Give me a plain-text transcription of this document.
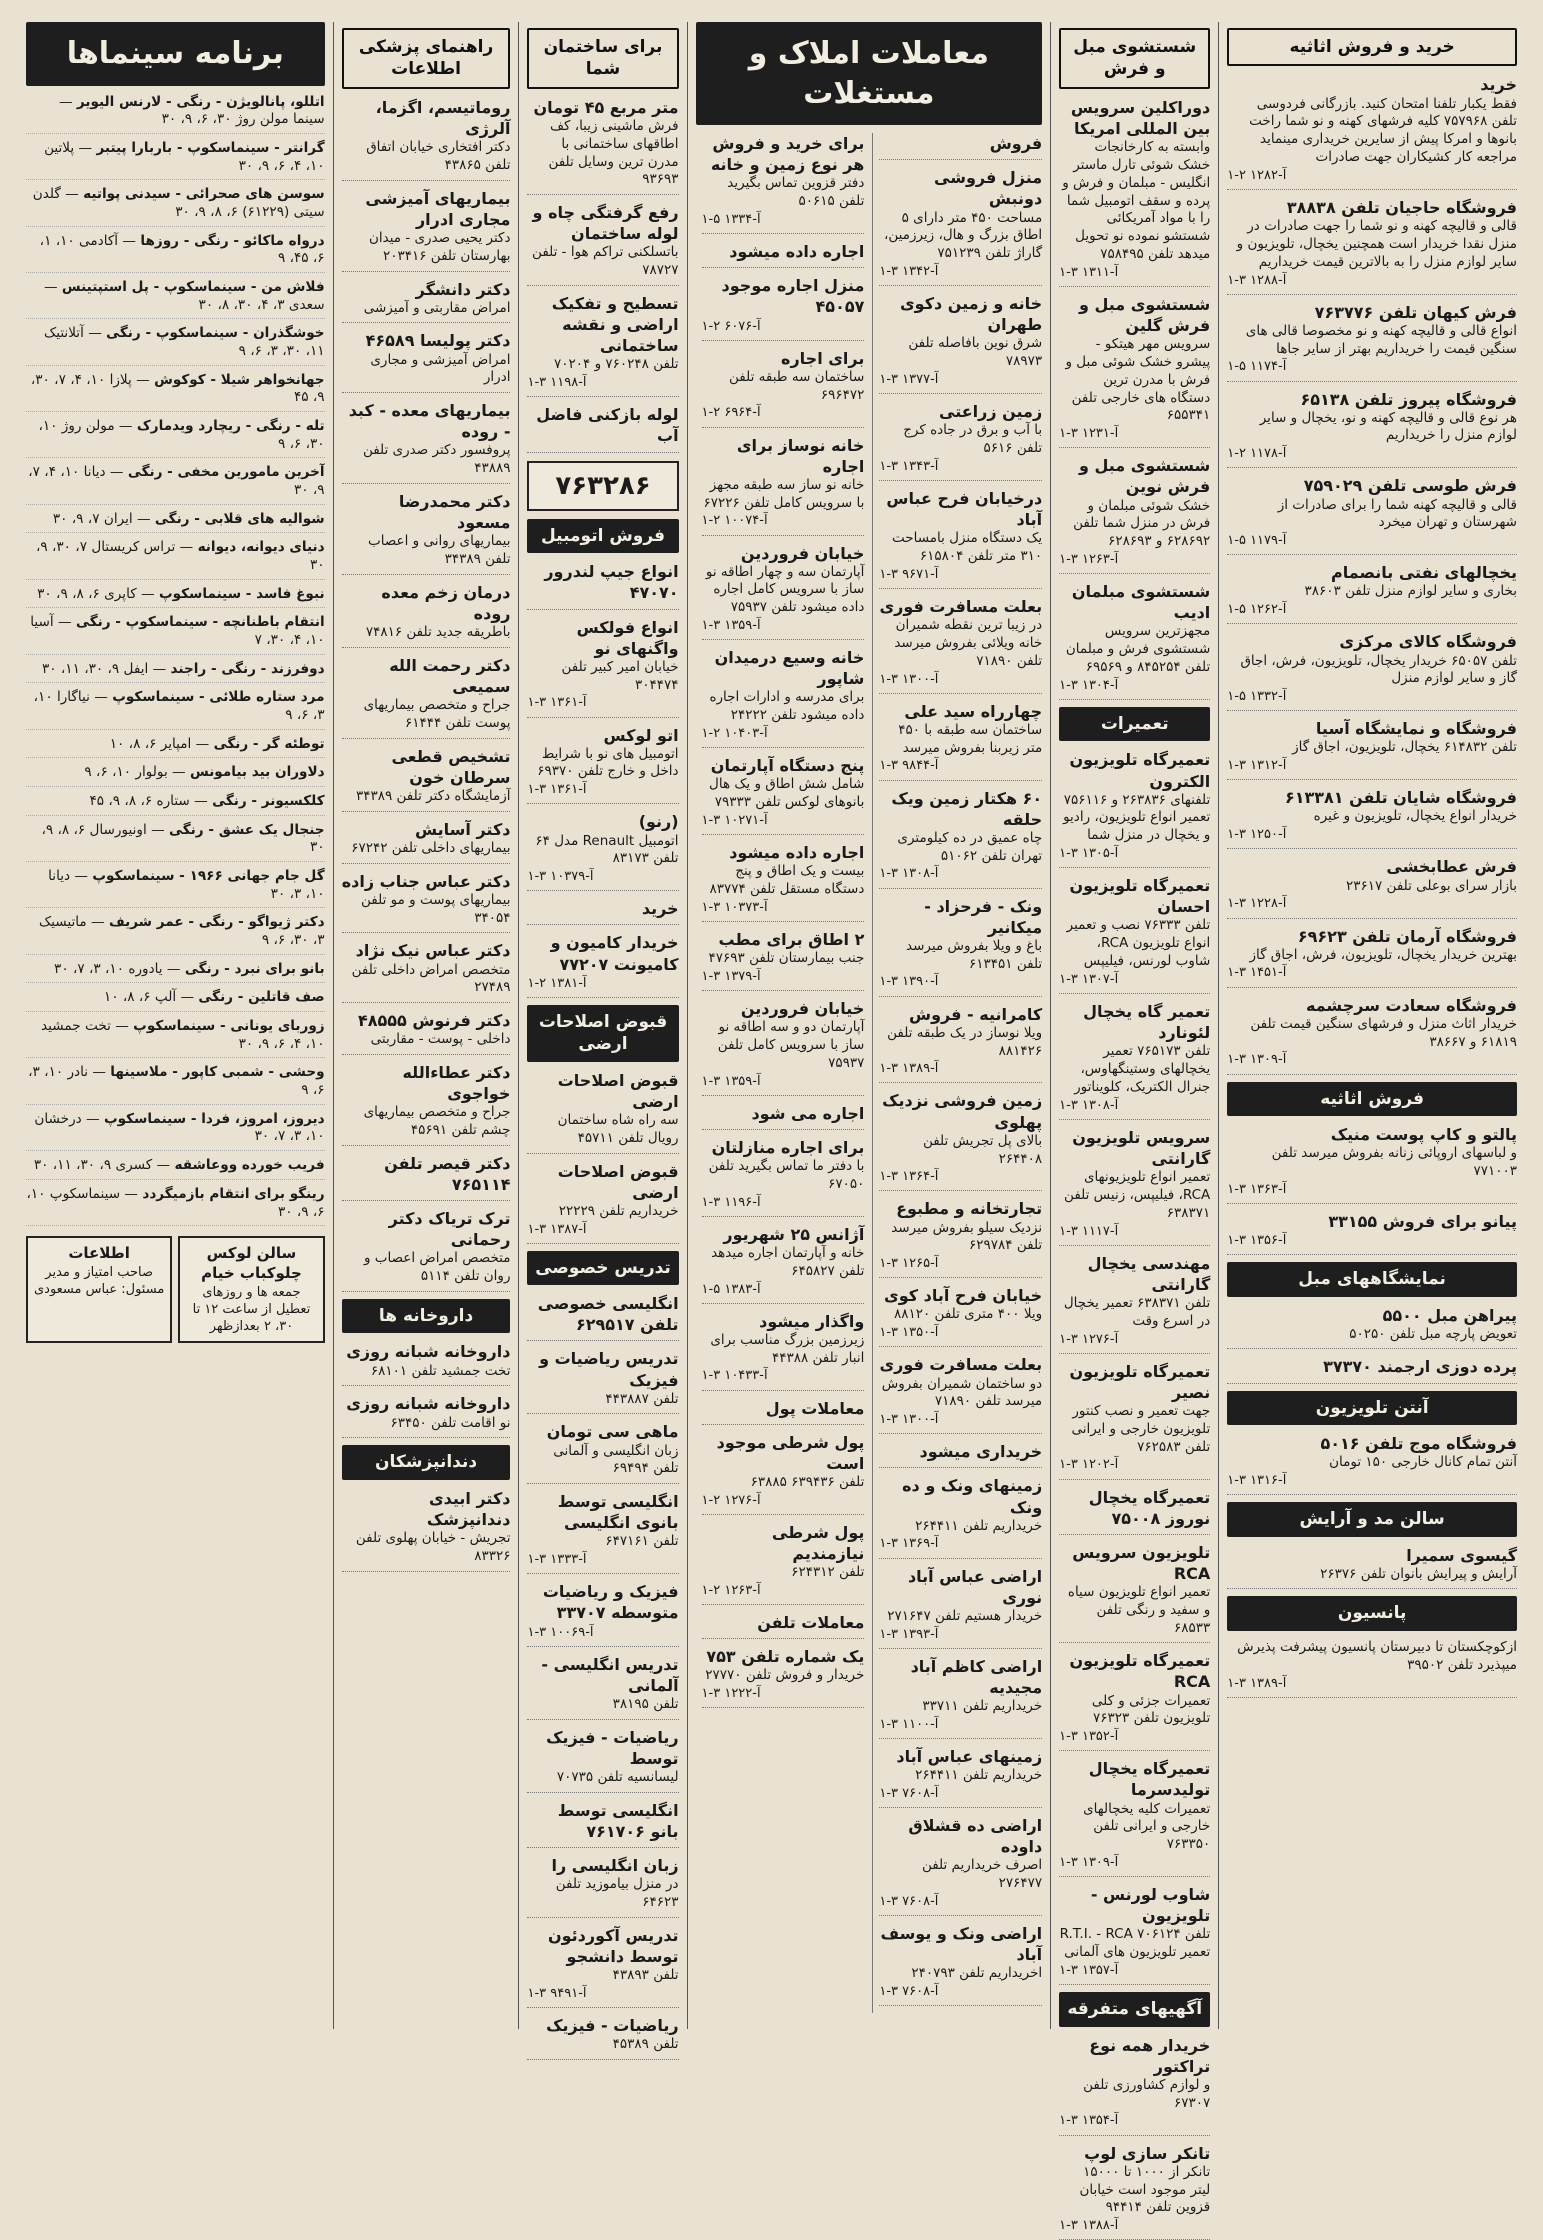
خرید و فروش اثاثیه
خرید
فقط یکبار تلفنا امتحان کنید. بازرگانی فردوسی تلفن ۷۵۷۹۶۸ کلیه فرشهای کهنه و نو شما راخت بانوها و امرکا پیش از سایرین خریداری مینماید مراجعه کار کشیکاران جهت صادرات
۱-۲ آ-۱۲۸۲
فروشگاه حاجیان تلفن ۳۸۸۳۸
قالی و قالیچه کهنه و نو شما را جهت صادرات در منزل نقدا خریدار است همچنین یخچال، تلویزیون و سایر لوازم منزل را به بالاترین قیمت خریداریم
۱-۳ آ-۱۲۸۸
فرش کیهان تلفن ۷۶۳۷۷۶
انواع قالی و قالیچه کهنه و نو مخصوصا قالی های سنگین قیمت را خریداریم بهتر از سایر جاها
۱-۵ آ-۱۱۷۴
فروشگاه پیروز تلفن ۶۵۱۳۸
هر نوع قالی و قالیچه کهنه و نو، یخچال و سایر لوازم منزل را خریداریم
۱-۲ آ-۱۱۷۸
فرش طوسی تلفن ۷۵۹۰۲۹
قالی و قالیچه کهنه شما را برای صادرات از شهرستان و تهران میخرد
۱-۵ آ-۱۱۷۹
یخچالهای نفتی بانصمام
بخاری و سایر لوازم منزل تلفن ۳۸۶۰۳
۱-۵ آ-۱۲۶۲
فروشگاه کالای مرکزی
تلفن ۶۵۰۵۷ خریدار یخچال، تلویزیون، فرش، اجاق گاز و سایر لوازم منزل
۱-۵ آ-۱۳۳۲
فروشگاه و نمایشگاه آسیا
تلفن ۶۱۴۸۳۲ یخچال، تلویزیون، اجاق گاز
۱-۳ آ-۱۳۱۲
فروشگاه شایان تلفن ۶۱۳۳۸۱
خریدار انواع یخچال، تلویزیون و غیره
۱-۳ آ-۱۲۵۰
فرش عطابخشی
بازار سرای بوعلی تلفن ۲۳۶۱۷
۱-۳ آ-۱۲۲۸
فروشگاه آرمان تلفن ۶۹۶۲۳
بهترین خریدار یخچال، تلویزیون، فرش، اجاق گاز
۱-۳ آ-۱۴۵۱
فروشگاه سعادت سرچشمه
خریدار اثاث منزل و فرشهای سنگین قیمت تلفن ۶۱۸۱۹ و ۳۸۶۶۷
۱-۳ آ-۱۳۰۹
فروش اثاثیه
پالتو و کاپ پوست منیک
و لباسهای اروپائی زنانه بفروش میرسد تلفن ۷۷۱۰۰۳
۱-۳ آ-۱۳۶۳
پیانو برای فروش ۳۳۱۵۵
۱-۳ آ-۱۳۵۶
نمایشگاههای مبل
پیراهن مبل ۵۵۰۰
تعویض پارچه مبل تلفن ۵۰۲۵۰
پرده دوزی ارجمند ۳۷۳۷۰
آنتن تلویزیون
فروشگاه موج تلفن ۵۰۱۶
آنتن تمام کانال خارجی ۱۵۰ تومان
۱-۳ آ-۱۳۱۶
سالن مد و آرایش
گیسوی سمیرا
آرایش و پیرایش بانوان تلفن ۲۶۳۷۶
پانسیون
ازکوچکستان تا دبیرستان پانسیون پیشرفت پذیرش میپذیرد تلفن ۳۹۵۰۲
۱-۳ آ-۱۳۸۹
شستشوی مبل و فرش
دوراکلین سرویس بین المللی امریکا
وابسته به کارخانجات خشک شوئی تارل ماستر انگلیس - مبلمان و فرش و پرده و سقف اتومبیل شما را با مواد آمریکائی شستشو نموده نو تحویل میدهد تلفن ۷۵۸۴۹۵
۱-۳ آ-۱۳۱۱
شستشوی مبل و فرش گلین
سرویس مهر هیتکو - پیشرو خشک شوئی مبل و فرش با مدرن ترین دستگاه های خارجی تلفن ۶۵۵۳۴۱
۱-۳ آ-۱۲۳۱
شستشوی مبل و فرش نوین
خشک شوئی مبلمان و فرش در منزل شما تلفن ۶۲۸۶۹۲ و ۶۲۸۶۹۳
۱-۳ آ-۱۲۶۳
شستشوی مبلمان ادیب
مجهزترین سرویس شستشوی فرش و مبلمان تلفن ۸۴۵۲۵۴ و ۶۹۵۶۹
۱-۳ آ-۱۳۰۴
تعمیرات
تعمیرگاه تلویزیون الکترون
تلفنهای ۲۶۳۸۳۶ و ۷۵۶۱۱۶ تعمیر انواع تلویزیون، رادیو و یخچال در منزل شما
۱-۳ آ-۱۳۰۵
تعمیرگاه تلویزیون احسان
تلفن ۷۶۳۳۳ نصب و تعمیر انواع تلویزیون RCA، شاوب لورنس، فیلیپس
۱-۳ آ-۱۳۰۷
تعمیر گاه یخچال لئونارد
تلفن ۷۶۵۱۷۳ تعمیر یخچالهای وستینگهاوس، جنرال الکتریک، کلویناتور
۱-۳ آ-۱۳۰۸
سرویس تلویزیون گارانتی
تعمیر انواع تلویزیونهای RCA، فیلیپس، زنیس تلفن ۶۳۸۳۷۱
۱-۳ آ-۱۱۱۷
مهندسی یخچال گارانتی
تلفن ۶۳۸۳۷۱ تعمیر یخچال در اسرع وقت
۱-۳ آ-۱۲۷۶
تعمیرگاه تلویزیون نصیر
جهت تعمیر و نصب کنتور تلویزیون خارجی و ایرانی تلفن ۷۶۲۵۸۳
۱-۳ آ-۱۲۰۲
تعمیرگاه یخچال نوروز ۷۵۰۰۸
تلویزیون سرویس RCA
تعمیر انواع تلویزیون سیاه و سفید و رنگی تلفن ۶۸۵۳۳
تعمیرگاه تلویزیون RCA
تعمیرات جزئی و کلی تلویزیون تلفن ۷۶۳۲۳
۱-۳ آ-۱۳۵۲
تعمیرگاه یخچال تولیدسرما
تعمیرات کلیه یخچالهای خارجی و ایرانی تلفن ۷۶۳۳۵۰
۱-۳ آ-۱۳۰۹
شاوب لورنس - تلویزیون
تلفن ۷۰۶۱۲۴ R.T.I. - RCA تعمیر تلویزیون های آلمانی
۱-۳ آ-۱۳۵۷
آگهیهای متفرقه
خریدار همه نوع تراکتور
و لوازم کشاورزی تلفن ۶۷۳۰۷
۱-۳ آ-۱۳۵۴
تانکر سازی لوپ
تانکر از ۱۰۰۰ تا ۱۵۰۰۰ لیتر موجود است خیابان قزوین تلفن ۹۴۴۱۴
۱-۳ آ-۱۳۸۸
معاملات املاک و مستغلات
فروش
منزل فروشی دونبش
مساحت ۴۵۰ متر دارای ۵ اطاق بزرگ و هال، زیرزمین، گاراژ تلفن ۷۵۱۲۳۹
۱-۳ آ-۱۳۴۲
خانه و زمین دکوی طهران
شرق نوین بافاصله تلفن ۷۸۹۷۳
۱-۳ آ-۱۳۷۷
زمین زراعتی
با آب و برق در جاده کرج تلفن ۵۶۱۶
۱-۳ آ-۱۳۴۳
درخیابان فرح عباس آباد
یک دستگاه منزل بامساحت ۳۱۰ متر تلفن ۶۱۵۸۰۴
۱-۳ آ-۹۶۷۱
بعلت مسافرت فوری
در زیبا ترین نقطه شمیران خانه ویلائی بفروش میرسد تلفن ۷۱۸۹۰
۱-۳ آ-۱۳۰۰
چهارراه سید علی
ساختمان سه طبقه با ۴۵۰ متر زیربنا بفروش میرسد
۱-۳ آ-۹۸۴۴
۶۰ هکتار زمین ویک حلقه
چاه عمیق در ده کیلومتری تهران تلفن ۵۱۰۶۲
۱-۳ آ-۱۳۰۸
ونک - فرحزاد - میکانیر
باغ و ویلا بفروش میرسد تلفن ۶۱۳۴۵۱
۱-۳ آ-۱۳۹۰
کامرانیه - فروش
ویلا نوساز در یک طبقه تلفن ۸۸۱۴۲۶
۱-۳ آ-۱۳۸۹
زمین فروشی نزدیک پهلوی
بالای پل تجریش تلفن ۲۶۴۴۰۸
۱-۳ آ-۱۳۶۴
تجارتخانه و مطبوع
نزدیک سیلو بفروش میرسد تلفن ۶۲۹۷۸۴
۱-۳ آ-۱۲۶۵
خیابان فرح آباد کوی
ویلا ۴۰۰ متری تلفن ۸۸۱۲۰
۱-۳ آ-۱۳۵۰
بعلت مسافرت فوری
دو ساختمان شمیران بفروش میرسد تلفن ۷۱۸۹۰
۱-۳ آ-۱۳۰۰
خریداری میشود
زمینهای ونک و ده ونک
خریداریم تلفن ۲۶۴۴۱۱
۱-۳ آ-۱۳۶۹
اراضی عباس آباد نوری
خریدار هستیم تلفن ۲۷۱۶۴۷
۱-۳ آ-۱۳۹۳
اراضی کاظم آباد مجیدیه
خریداریم تلفن ۳۳۷۱۱
۱-۳ آ-۱۱۰۰
زمینهای عباس آباد
خریداریم تلفن ۲۶۴۴۱۱
۱-۳ آ-۷۶۰۸
اراضی ده قشلاق داوده
اصرف خریداریم تلفن ۲۷۶۴۷۷
۱-۳ آ-۷۶۰۸
اراضی ونک و یوسف آباد
اخریداریم تلفن ۲۴۰۷۹۳
۱-۳ آ-۷۶۰۸
برای خرید و فروش هر نوع زمین و خانه
دفتر قزوین تماس بگیرید تلفن ۵۰۶۱۵
۱-۵ آ-۱۳۳۴
اجاره داده میشود
منزل اجاره موجود ۴۵۰۵۷
۱-۲ آ-۶۰۷۶
برای اجاره
ساختمان سه طبقه تلفن ۶۹۶۴۷۲
۱-۲ آ-۶۹۶۴
خانه نوساز برای اجاره
خانه نو ساز سه طبقه مجهز با سرویس کامل تلفن ۶۷۲۲۶
۱-۲ آ-۱۰۰۷۴
خیابان فروردین
آپارتمان سه و چهار اطاقه نو ساز با سرویس کامل اجاره داده میشود تلفن ۷۵۹۳۷
۱-۳ آ-۱۳۵۹
خانه وسیع درمیدان شاپور
برای مدرسه و ادارات اجاره داده میشود تلفن ۲۴۲۲۲
۱-۲ آ-۱۰۴۰۳
پنج دستگاه آپارتمان
شامل شش اطاق و یک هال بانوهای لوکس تلفن ۷۹۳۳۳
۱-۳ آ-۱۰۲۷۱
اجاره داده میشود
بیست و یک اطاق و پنج دستگاه مستقل تلفن ۸۳۷۷۴
۱-۳ آ-۱۰۳۷۳
۲ اطاق برای مطب
جنب بیمارستان تلفن ۴۷۶۹۳
۱-۳ آ-۱۳۷۹
خیابان فروردین
آپارتمان دو و سه اطاقه نو ساز با سرویس کامل تلفن ۷۵۹۳۷
۱-۳ آ-۱۳۵۹
اجاره می شود
برای اجاره منازلتان
با دفتر ما تماس بگیرید تلفن ۶۷۰۵۰
۱-۳ آ-۱۱۹۶
آژانس ۲۵ شهریور
خانه و آپارتمان اجاره میدهد تلفن ۶۴۵۸۲۷
۱-۵ آ-۱۳۸۳
واگذار میشود
زیرزمین بزرگ مناسب برای انبار تلفن ۴۴۳۸۸
۱-۳ آ-۱۰۴۳۳
معاملات پول
پول شرطی موجود است
تلفن ۶۳۹۴۳۶ ۶۳۸۸۵
۱-۲ آ-۱۲۷۶
پول شرطی نیازمندیم
تلفن ۶۲۴۳۱۲
۱-۲ آ-۱۲۶۳
معاملات تلفن
یک شماره تلفن ۷۵۳
خریدار و فروش تلفن ۲۷۷۷۰
۱-۳ آ-۱۲۲۲
برای ساختمان شما
متر مربع ۴۵ تومان
فرش ماشینی زیبا، کف اطاقهای ساختمانی با مدرن ترین وسایل تلفن ۹۳۶۹۳
رفع گرفتگی چاه و لوله ساختمان
باتسلکنی تراکم هوا - تلفن ۷۸۷۲۷
تسطیح و تفکیک اراضی و نقشه ساختمانی
تلفن ۷۶۰۲۴۸ و ۷۰۲۰۴
۱-۳ آ-۱۱۹۸
لوله بازکنی فاضل آب
۷۶۳۲۸۶
فروش اتومبیل
انواع جیپ لندرور ۴۷۰۷۰
انواع فولکس واگنهای نو
خیابان امیر کبیر تلفن ۳۰۴۴۷۴
۱-۳ آ-۱۳۶۱
اتو لوکس
اتومبیل های نو با شرایط داخل و خارج تلفن ۶۹۳۷۰
۱-۳ آ-۱۳۶۱
(رنو)
اتومبیل Renault مدل ۶۴ تلفن ۸۳۱۷۳
۱-۳ آ-۱۰۳۷۹
خرید
خریدار کامیون و کامیونت ۷۷۲۰۷
۱-۲ آ-۱۳۸۱
قبوض اصلاحات ارضی
قبوض اصلاحات ارضی
سه راه شاه ساختمان رویال تلفن ۴۵۷۱۱
قبوض اصلاحات ارضی
خریداریم تلفن ۲۲۲۲۹
۱-۳ آ-۱۳۸۷
تدریس خصوصی
انگلیسی خصوصی تلفن ۶۲۹۵۱۷
تدریس ریاضیات و فیزیک
تلفن ۴۴۳۸۸۷
ماهی سی تومان
زبان انگلیسی و آلمانی تلفن ۶۹۴۹۴
انگلیسی توسط بانوی انگلیسی
تلفن ۶۴۷۱۶۱
۱-۳ آ-۱۳۳۳
فیزیک و ریاضیات متوسطه ۳۳۷۰۷
۱-۳ آ-۱۰۰۶۹
تدریس انگلیسی - آلمانی
تلفن ۳۸۱۹۵
ریاضیات - فیزیک توسط
لیسانسیه تلفن ۷۰۷۳۵
انگلیسی توسط بانو ۷۶۱۷۰۶
زبان انگلیسی را
در منزل بیاموزید تلفن ۶۴۶۲۳
تدریس آکوردئون توسط دانشجو
تلفن ۴۳۸۹۳
۱-۳ آ-۹۴۹۱
ریاضیات - فیزیک
تلفن ۴۵۳۸۹
راهنمای پزشکی اطلاعات
روماتیسم، اگزما، آلرژی
دکتر افتخاری خیابان اتفاق تلفن ۴۳۸۶۵
بیماریهای آمیزشی مجاری ادرار
دکتر یحیی صدری - میدان بهارستان تلفن ۲۰۳۴۱۶
دکتر دانشگر
امراض مقاربتی و آمیزشی
دکتر پولیسا ۴۶۵۸۹
امراض آمیزشی و مجاری ادرار
بیماریهای معده - کبد - روده
پروفسور دکتر صدری تلفن ۴۳۸۸۹
دکتر محمدرضا مسعود
بیماریهای روانی و اعصاب تلفن ۳۴۳۸۹
درمان زخم معده روده
باطریقه جدید تلفن ۷۴۸۱۶
دکتر رحمت الله سمیعی
جراح و متخصص بیماریهای پوست تلفن ۶۱۴۴۴
تشخیص قطعی سرطان خون
آزمایشگاه دکتر تلفن ۳۴۳۸۹
دکتر آسایش
بیماریهای داخلی تلفن ۶۷۲۴۲
دکتر عباس جناب زاده
بیماریهای پوست و مو تلفن ۳۴۰۵۴
دکتر عباس نیک نژاد
متخصص امراض داخلی تلفن ۲۷۴۸۹
دکتر فرنوش ۴۸۵۵۵
داخلی - پوست - مقاربتی
دکتر عطاءالله خواجوی
جراح و متخصص بیماریهای چشم تلفن ۴۵۶۹۱
دکتر قیصر تلفن ۷۶۵۱۱۴
ترک تریاک دکتر رحمانی
متخصص امراض اعصاب و روان تلفن ۵۱۱۴
داروخانه ها
داروخانه شبانه روزی
تخت جمشید تلفن ۶۸۱۰۱
داروخانه شبانه روزی
نو اقامت تلفن ۶۳۴۵۰
دندانپزشکان
دکتر ابیدی دندانپزشک
تجریش - خیابان پهلوی تلفن ۸۳۳۲۶
برنامه سینماها
اتللو، پانالویژن - رنگی - لارنس الیویر — سینما مولن روژ ۳۰، ۶، ۹، ۳۰
گرانتر - سینماسکوپ - باربارا پیتبر — پلاتین ۱۰، ۴، ۶، ۹، ۳۰
سوسن های صحرائی - سیدنی پواتیه — گلدن سیتی (۶۱۲۲۹) ۶، ۸، ۹، ۳۰
درواه ماکائو - رنگی - روزها — آکادمی ۱۰، ۱، ۶، ۴۵، ۹
فلاش من - سینماسکوپ - پل استپتینس — سعدی ۳، ۴، ۳۰، ۸، ۳۰
خوشگذران - سینماسکوپ - رنگی — آتلانتیک ۱۱، ۳۰، ۳، ۶، ۹
جهانخواهر شیلا - کوکوش — پلازا ۱۰، ۴، ۷، ۳۰، ۹، ۴۵
تله - رنگی - ریچارد ویدمارک — مولن روژ ۱۰، ۳۰، ۶، ۹
آخرین مامورین مخفی - رنگی — دیانا ۱۰، ۴، ۷، ۹، ۳۰
شوالیه های قلابی - رنگی — ایران ۷، ۹، ۳۰
دنیای دیوانه، دیوانه — تراس کریستال ۷، ۳۰، ۹، ۳۰
نبوغ فاسد - سینماسکوپ — کاپری ۶، ۸، ۹، ۳۰
انتقام باطنانچه - سینماسکوپ - رنگی — آسیا ۱۰، ۴، ۳۰، ۷
دوفرزند - رنگی - راجند — ایفل ۹، ۳۰، ۱۱، ۳۰
مرد ستاره طلائی - سینماسکوپ — نیاگارا ۱۰، ۳، ۶، ۹
توطئه گر - رنگی — امپایر ۶، ۸، ۱۰
دلاوران بید بیامونس — بولوار ۱۰، ۶، ۹
کلکسیونر - رنگی — ستاره ۶، ۸، ۹، ۴۵
جنجال یک عشق - رنگی — اونیورسال ۶، ۸، ۹، ۳۰
گل جام جهانی ۱۹۶۶ - سینماسکوپ — دیانا ۱۰، ۳، ۳۰
دکتر ژیواگو - رنگی - عمر شریف — ماتیسیک ۳، ۳۰، ۶، ۹
بانو برای نبرد - رنگی — یادوره ۱۰، ۳، ۷، ۳۰
صف قاتلین - رنگی — آلپ ۶، ۸، ۱۰
زوربای یونانی - سینماسکوپ — تخت جمشید ۱۰، ۴، ۶، ۹، ۳۰
وحشی - شمبی کاپور - ملاسینها — نادر ۱۰، ۳، ۶، ۹
دیروز، امروز، فردا - سینماسکوپ — درخشان ۱۰، ۳، ۷، ۳۰
فریب خورده ووعاشقه — کسری ۹، ۳۰، ۱۱، ۳۰
رینگو برای انتقام بازمیگردد — سینماسکوپ ۱۰، ۶، ۹، ۳۰
سالن لوکس چلوکباب خیام
جمعه ها و روزهای تعطیل از ساعت ۱۲ تا ۳۰، ۲ بعدازظهر
اطلاعات
صاحب امتیاز و مدیر مسئول: عباس مسعودی
